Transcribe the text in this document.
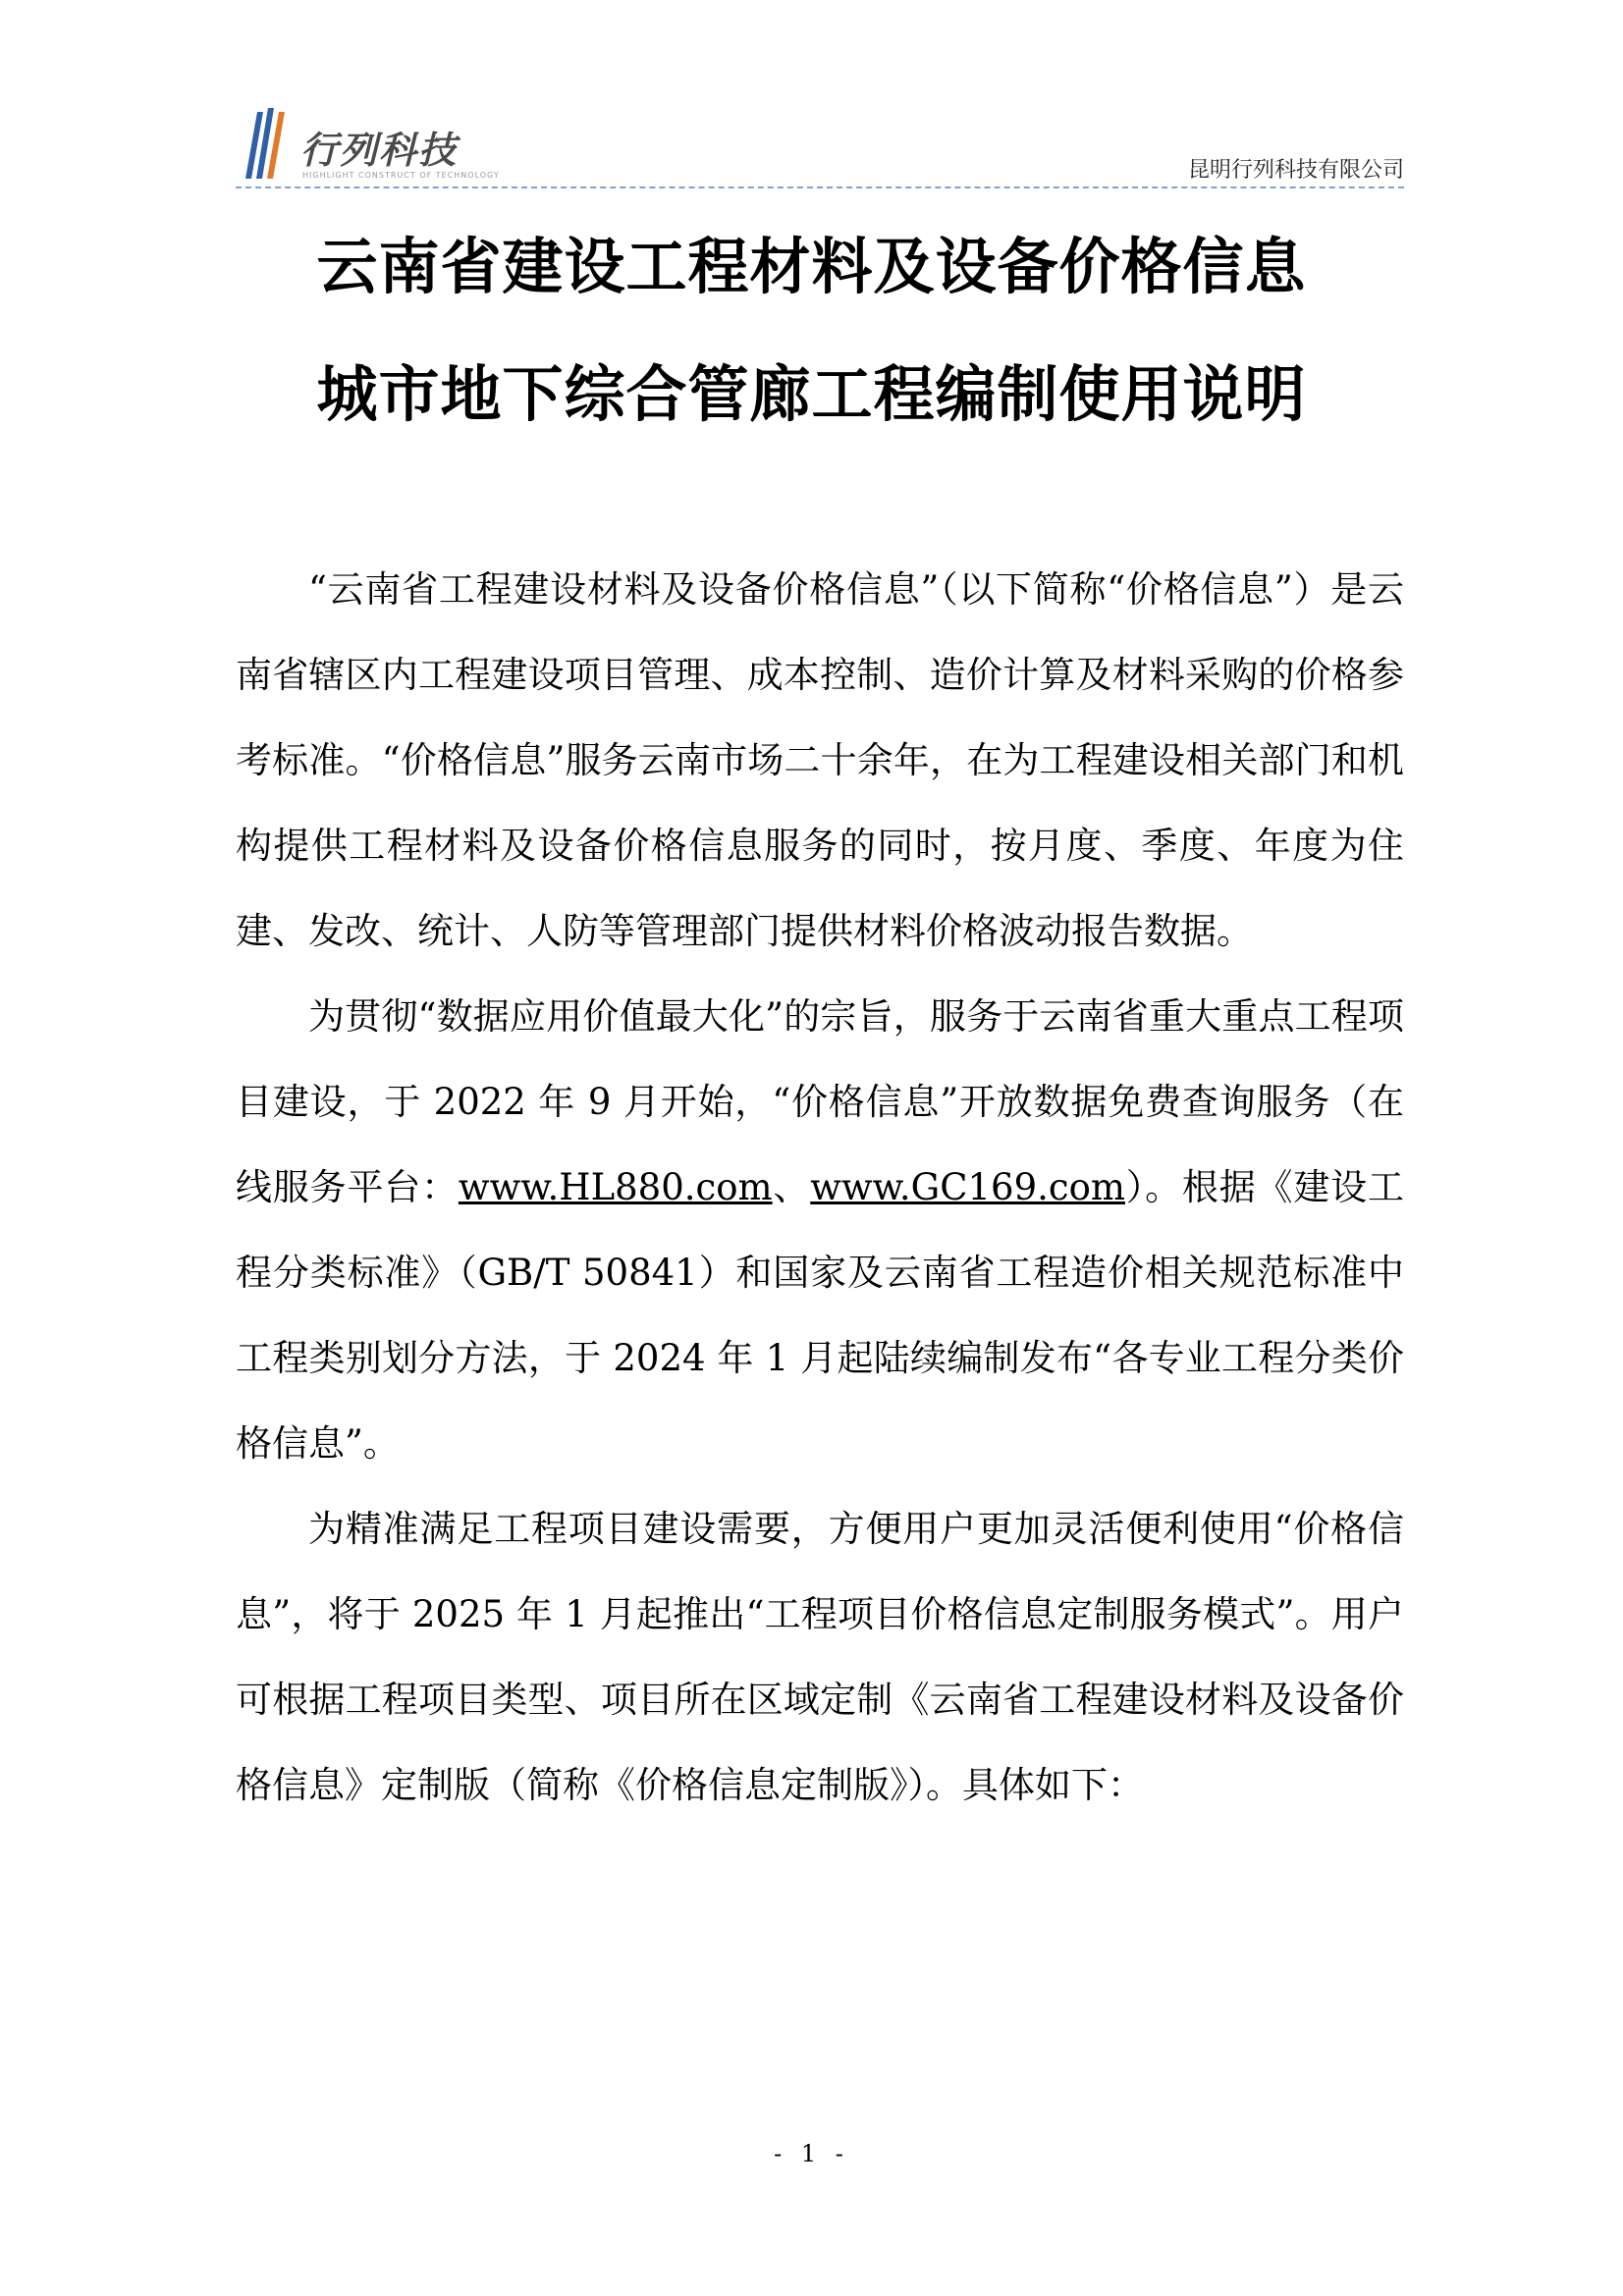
行列科技
HIGHLIGHT CONSTRUCT OF TECHNOLOGY	昆明行列科技有限公司
云南省建设工程材料及设备价格信息
城市地下综合管廊工程编制使用说明

“云南省工程建设材料及设备价格信息”（以下简称“价格信息”）是云南省辖区内工程建设项目管理、成本控制、造价计算及材料采购的价格参考标准。“价格信息”服务云南市场二十余年，在为工程建设相关部门和机构提供工程材料及设备价格信息服务的同时，按月度、季度、年度为住建、发改、统计、人防等管理部门提供材料价格波动报告数据。

为贯彻“数据应用价值最大化”的宗旨，服务于云南省重大重点工程项目建设，于 2022 年 9 月开始，“价格信息”开放数据免费查询服务（在线服务平台：www.HL880.com、www.GC169.com）。根据《建设工程分类标准》（GB/T 50841）和国家及云南省工程造价相关规范标准中工程类别划分方法，于 2024 年 1 月起陆续编制发布“各专业工程分类价格信息”。

为精准满足工程项目建设需要，方便用户更加灵活便利使用“价格信息”，将于 2025 年 1 月起推出“工程项目价格信息定制服务模式”。用户可根据工程项目类型、项目所在区域定制《云南省工程建设材料及设备价格信息》定制版（简称《价格信息定制版》）。具体如下：

- 1 -
